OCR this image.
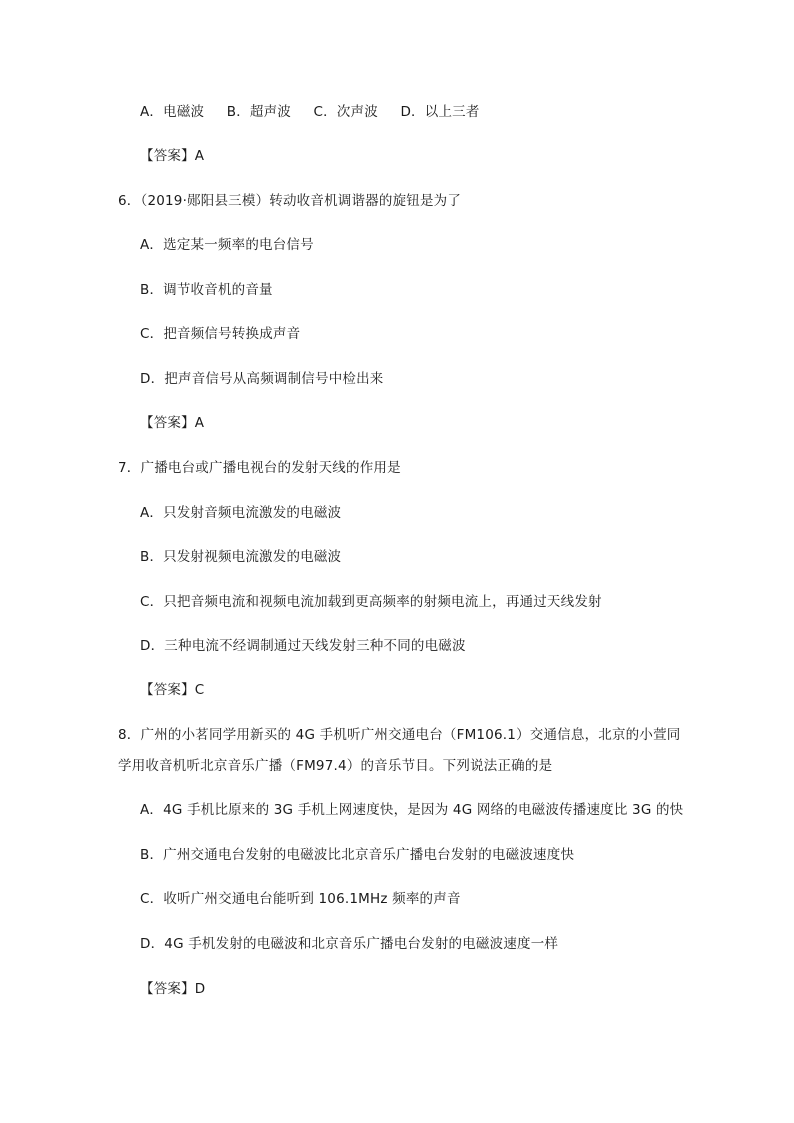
A．电磁波 B．超声波 C．次声波 D．以上三者
【答案】A
6．（2019·郧阳县三模）转动收音机调谐器的旋钮是为了
A．选定某一频率的电台信号
B．调节收音机的音量
C．把音频信号转换成声音
D．把声音信号从高频调制信号中检出来
【答案】A
7．广播电台或广播电视台的发射天线的作用是
A．只发射音频电流激发的电磁波
B．只发射视频电流激发的电磁波
C．只把音频电流和视频电流加载到更高频率的射频电流上，再通过天线发射
D．三种电流不经调制通过天线发射三种不同的电磁波
【答案】C
8．广州的小茗同学用新买的 4G 手机听广州交通电台（FM106.1）交通信息，北京的小萱同
学用收音机听北京音乐广播（FM97.4）的音乐节目。下列说法正确的是
A．4G 手机比原来的 3G 手机上网速度快，是因为 4G 网络的电磁波传播速度比 3G 的快
B．广州交通电台发射的电磁波比北京音乐广播电台发射的电磁波速度快
C．收听广州交通电台能听到 106.1MHz 频率的声音
D．4G 手机发射的电磁波和北京音乐广播电台发射的电磁波速度一样
【答案】D
